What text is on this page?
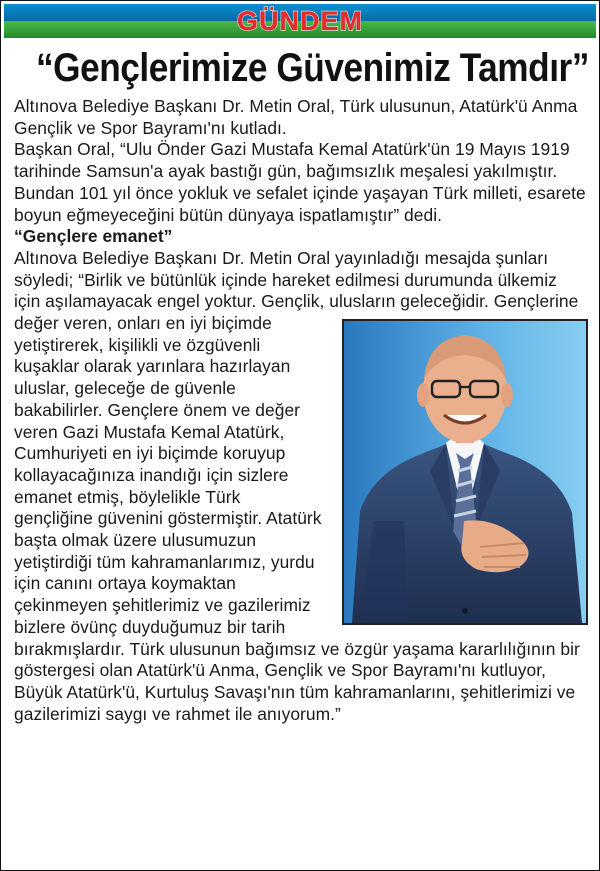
GÜNDEM
“Gençlerimize Güvenimiz Tamdır”

Altınova Belediye Başkanı Dr. Metin Oral, Türk ulusunun, Atatürk'ü Anma Gençlik ve Spor Bayramı'nı kutladı.

Başkan Oral, “Ulu Önder Gazi Mustafa Kemal Atatürk'ün 19 Mayıs 1919 tarihinde Samsun'a ayak bastığı gün, bağımsızlık meşalesi yakılmıştır. Bundan 101 yıl önce yokluk ve sefalet içinde yaşayan Türk milleti, esarete boyun eğmeyeceğini bütün dünyaya ispatlamıştır” dedi.

“Gençlere emanet”

Altınova Belediye Başkanı Dr. Metin Oral yayınladığı mesajda şunları söyledi; “Birlik ve bütünlük içinde hareket edilmesi durumunda ülkemiz için aşılamayacak engel yoktur. Gençlik,
ulusların geleceğidir. Gençlerine değer veren, onları en iyi biçimde yetiştirerek, kişilikli ve özgüvenli kuşaklar olarak yarınlara hazırlayan uluslar, geleceğe de güvenle bakabilirler. Gençlere önem ve değer veren Gazi Mustafa Kemal Atatürk, Cumhuriyeti en iyi biçimde koruyup kollayacağınıza inandığı için sizlere emanet etmiş, böylelikle Türk gençliğine güvenini göstermiştir. Atatürk başta olmak üzere ulusumuzun yetiştirdiği tüm kahramanlarımız, yurdu için canını ortaya koymaktan çekinmeyen şehitlerimiz ve gazilerimiz bizlere övünç duyduğumuz bir tarih bırakmışlardır. Türk ulusunun bağımsız ve özgür yaşama kararlılığının bir göstergesi olan Atatürk'ü Anma, Gençlik ve Spor Bayramı'nı kutluyor, Büyük Atatürk'ü, Kurtuluş Savaşı'nın tüm kahramanlarını, şehitlerimizi ve gazilerimizi saygı ve rahmet ile anıyorum.”
